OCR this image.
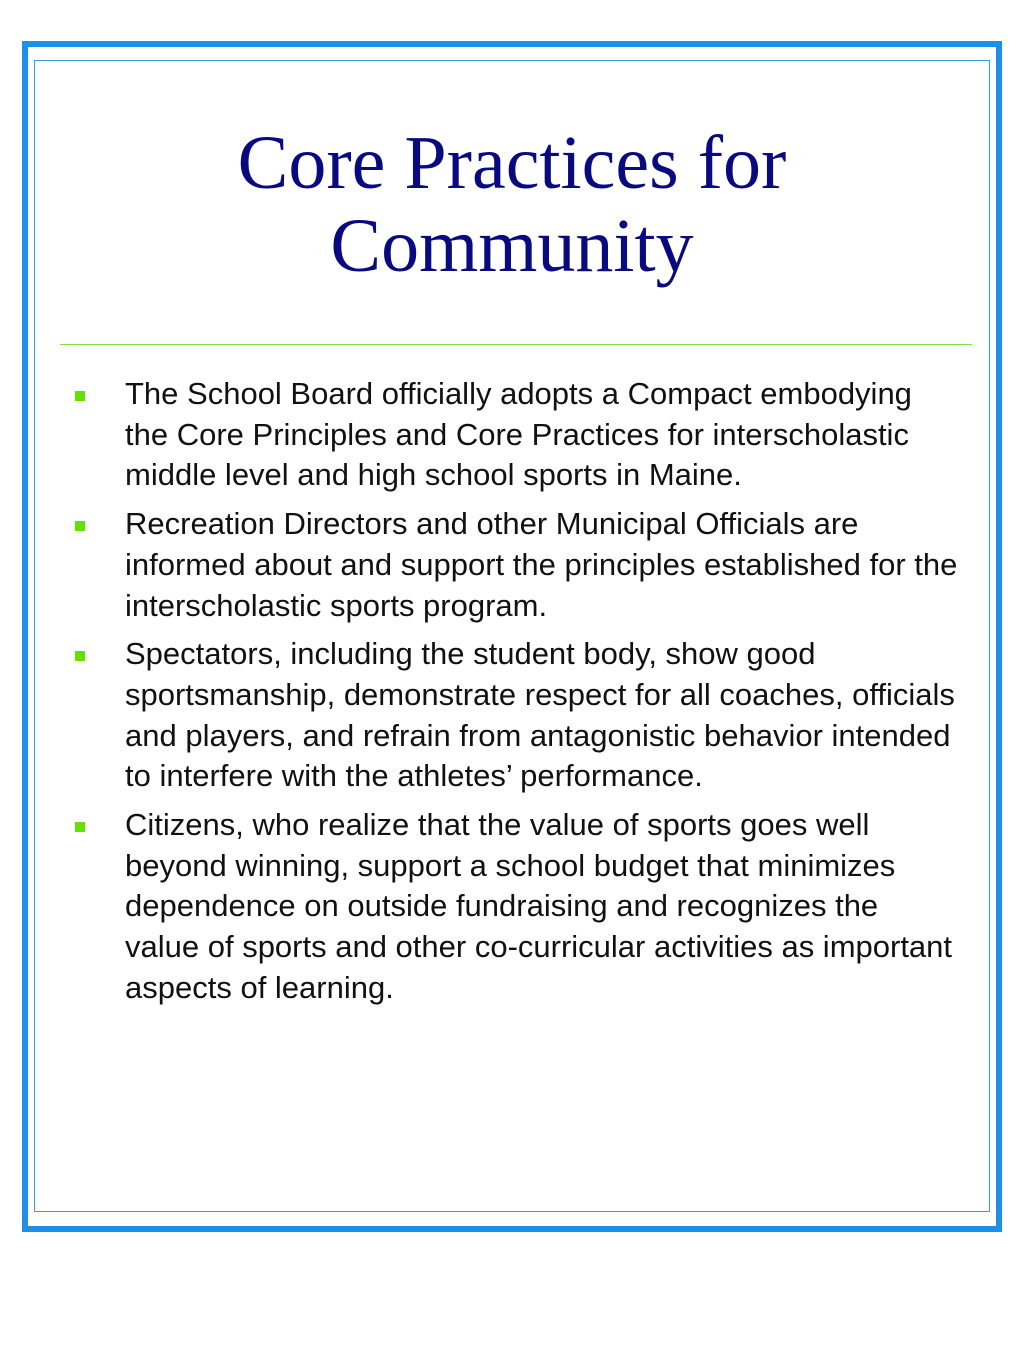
Core Practices for
Community
The School Board officially adopts a Compact embodying the Core Principles and Core Practices for interscholastic middle level and high school sports in Maine.
Recreation Directors and other Municipal Officials are informed about and support the principles established for the interscholastic sports program.
Spectators, including the student body, show good sportsmanship, demonstrate respect for all coaches, officials and players, and refrain from antagonistic behavior intended to interfere with the athletes’ performance.
Citizens, who realize that the value of sports goes well beyond winning, support a school budget that minimizes dependence on outside fundraising and recognizes the value of sports and other co-curricular activities as important aspects of learning.
